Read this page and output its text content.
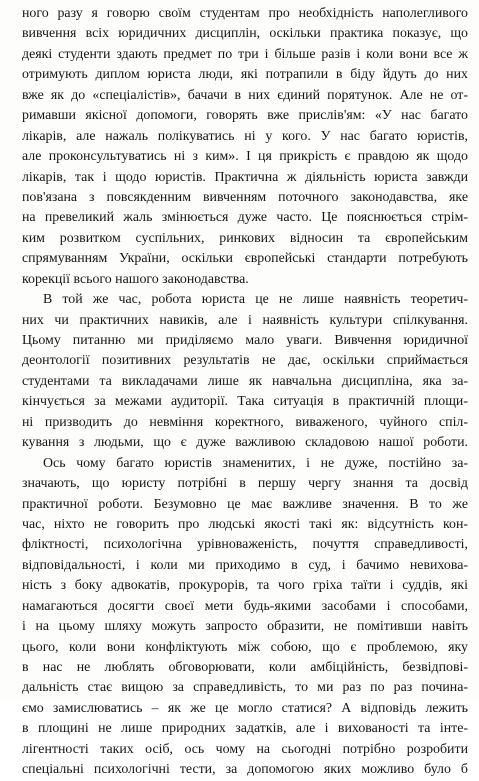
ного разу я говорю своїм студентам про необхідність наполегливого
вивчення всіх юридичних дисциплін, оскільки практика показує, що
деякі студенти здають предмет по три і більше разів і коли вони все ж
отримують диплом юриста люди, які потрапили в біду йдуть до них
вже як до «спеціалістів», бачачи в них єдиний порятунок. Але не от-
римавши якісної допомоги, говорять вже прислів'ям: «У нас багато
лікарів, але нажаль полікуватись ні у кого. У нас багато юристів,
але проконсультуватись ні з ким». І ця прикрість є правдою як щодо
лікарів, так і щодо юристів. Практична ж діяльність юриста завжди
пов'язана з повсякденним вивченням поточного законодавства, яке
на превеликий жаль змінюється дуже часто. Це пояснюється стрім-
ким розвитком суспільних, ринкових відносин та європейським
спрямуванням України, оскільки європейські стандарти потребують
корекції всього нашого законодавства.
В той же час, робота юриста це не лише наявність теоретич-
них чи практичних навиків, але і наявність культури спілкування.
Цьому питанню ми приділяємо мало уваги. Вивчення юридичної
деонтології позитивних результатів не дає, оскільки сприймається
студентами та викладачами лише як навчальна дисципліна, яка за-
кінчується за межами аудиторії. Така ситуація в практичній площи-
ні призводить до невміння коректного, виваженого, чуйного спіл-
кування з людьми, що є дуже важливою складовою нашої роботи.
Ось чому багато юристів знаменитих, і не дуже, постійно за-
значають, що юристу потрібні в першу чергу знання та досвід
практичної роботи. Безумовно це має важливе значення. В то же
час, ніхто не говорить про людські якості такі як: відсутність кон-
фліктності, психологічна урівноваженість, почуття справедливості,
відповідальності, і коли ми приходимо в суд, і бачимо невихова-
ність з боку адвокатів, прокурорів, та чого гріха таїти і суддів, які
намагаються досягти своєї мети будь-якими засобами і способами,
і на цьому шляху можуть запросто образити, не помітивши навіть
цього, коли вони конфліктують між собою, що є проблемою, яку
в нас не люблять обговорювати, коли амбіційність, безвідпові-
дальність стає вищою за справедливість, то ми раз по раз починa-
ємо замислюватись – як же це могло статися? А відповідь лежить
в площині не лише природних задатків, але і вихованості та інте-
лігентності таких осіб, ось чому на сьогодні потрібно розробити
спеціальні психологічні тести, за допомогою яких можливо було б
